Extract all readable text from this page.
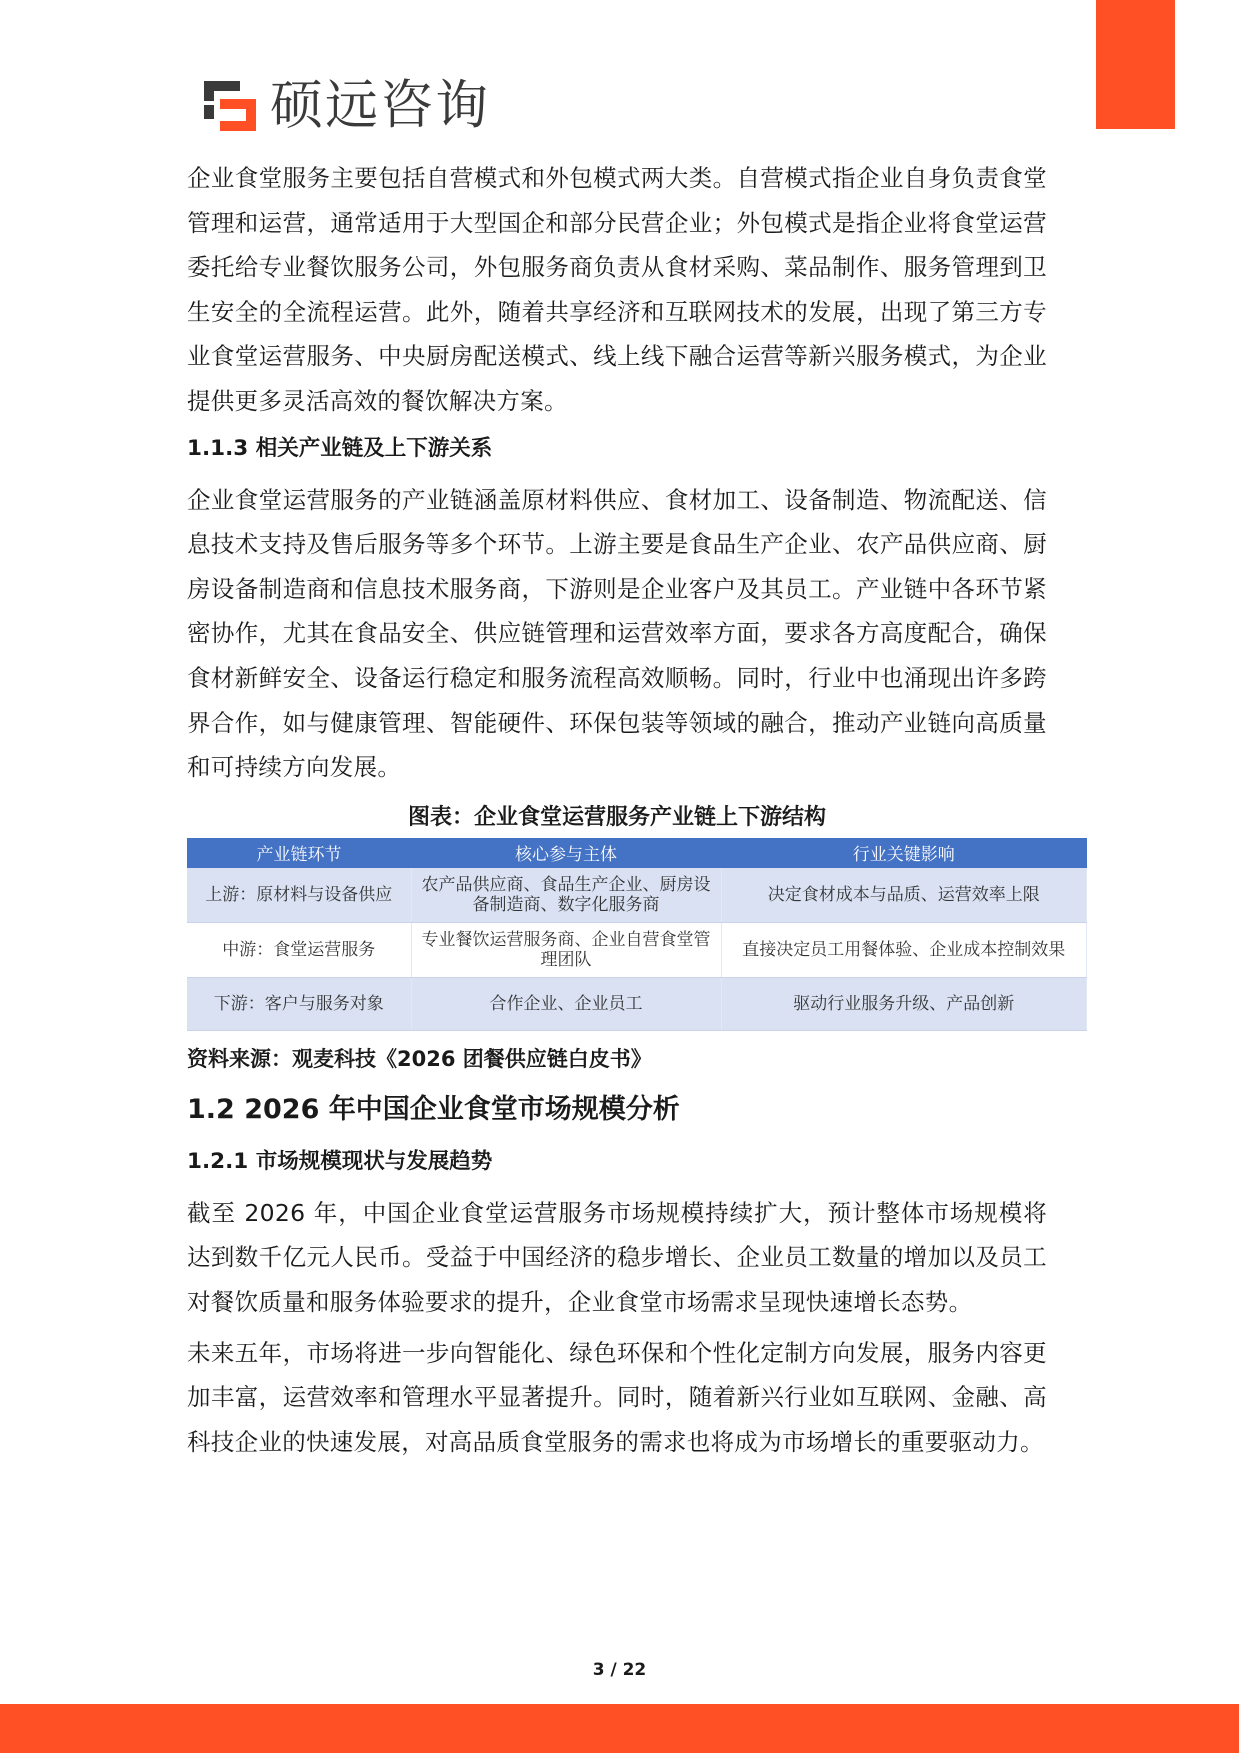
硕远咨询

企业食堂服务主要包括自营模式和外包模式两大类。自营模式指企业自身负责食堂管理和运营，通常适用于大型国企和部分民营企业；外包模式是指企业将食堂运营委托给专业餐饮服务公司，外包服务商负责从食材采购、菜品制作、服务管理到卫生安全的全流程运营。此外，随着共享经济和互联网技术的发展，出现了第三方专业食堂运营服务、中央厨房配送模式、线上线下融合运营等新兴服务模式，为企业提供更多灵活高效的餐饮解决方案。

1.1.3 相关产业链及上下游关系

企业食堂运营服务的产业链涵盖原材料供应、食材加工、设备制造、物流配送、信息技术支持及售后服务等多个环节。上游主要是食品生产企业、农产品供应商、厨房设备制造商和信息技术服务商，下游则是企业客户及其员工。产业链中各环节紧密协作，尤其在食品安全、供应链管理和运营效率方面，要求各方高度配合，确保食材新鲜安全、设备运行稳定和服务流程高效顺畅。同时，行业中也涌现出许多跨界合作，如与健康管理、智能硬件、环保包装等领域的融合，推动产业链向高质量和可持续方向发展。

图表：企业食堂运营服务产业链上下游结构
产业链环节	核心参与主体	行业关键影响
上游：原材料与设备供应	农产品供应商、食品生产企业、厨房设备制造商、数字化服务商	决定食材成本与品质、运营效率上限
中游：食堂运营服务	专业餐饮运营服务商、企业自营食堂管理团队	直接决定员工用餐体验、企业成本控制效果
下游：客户与服务对象	合作企业、企业员工	驱动行业服务升级、产品创新
资料来源：观麦科技《2026 团餐供应链白皮书》
1.2 2026 年中国企业食堂市场规模分析
1.2.1 市场规模现状与发展趋势

截至 2026 年，中国企业食堂运营服务市场规模持续扩大，预计整体市场规模将达到数千亿元人民币。受益于中国经济的稳步增长、企业员工数量的增加以及员工对餐饮质量和服务体验要求的提升，企业食堂市场需求呈现快速增长态势。

未来五年，市场将进一步向智能化、绿色环保和个性化定制方向发展，服务内容更加丰富，运营效率和管理水平显著提升。同时，随着新兴行业如互联网、金融、高科技企业的快速发展，对高品质食堂服务的需求也将成为市场增长的重要驱动力。

3 / 22
